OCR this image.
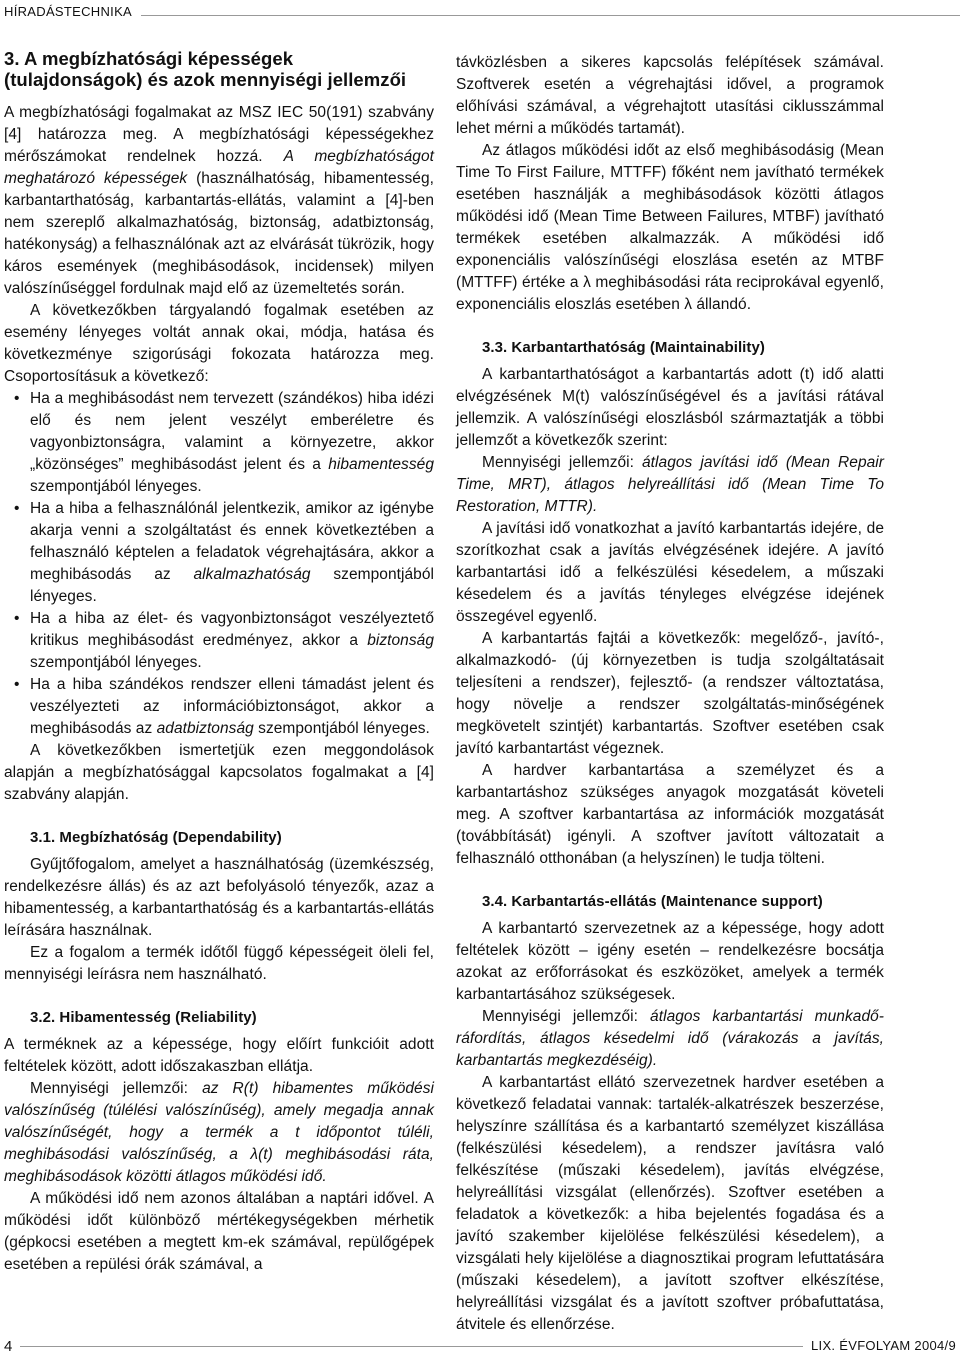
HÍRADÁSTECHNIKA
3. A megbízhatósági képességek (tulajdonságok) és azok mennyiségi jellemzői

A megbízhatósági fogalmakat az MSZ IEC 50(191) szabvány [4] határozza meg. A megbízhatósági képességekhez mérőszámokat rendelnek hozzá. A megbízhatóságot meghatározó képességek (használhatóság, hibamentesség, karbantarthatóság, karbantartás-ellátás, valamint a [4]-ben nem szereplő alkalmazhatóság, biztonság, adatbiztonság, hatékonyság) a felhasználónak azt az elvárását tükrözik, hogy káros események (meghibásodások, incidensek) milyen valószínűséggel fordulnak majd elő az üzemeltetés során.

A következőkben tárgyalandó fogalmak esetében az esemény lényeges voltát annak okai, módja, hatása és következménye szigorúsági fokozata határozza meg. Csoportosításuk a következő:

• Ha a meghibásodást nem tervezett (szándékos) hiba idézi elő és nem jelent veszélyt emberéletre és vagyonbiztonságra, valamint a környezetre, akkor „közönséges” meghibásodást jelent és a hibamentesség szempontjából lényeges.
• Ha a hiba a felhasználónál jelentkezik, amikor az igénybe akarja venni a szolgáltatást és ennek következtében a felhasználó képtelen a feladatok végrehajtására, akkor a meghibásodás az alkalmazhatóság szempontjából lényeges.
• Ha a hiba az élet- és vagyonbiztonságot veszélyeztető kritikus meghibásodást eredményez, akkor a biztonság szempontjából lényeges.
• Ha a hiba szándékos rendszer elleni támadást jelent és veszélyezteti az információbiztonságot, akkor a meghibásodás az adatbiztonság szempontjából lényeges.

A következőkben ismertetjük ezen meggondolások alapján a megbízhatósággal kapcsolatos fogalmakat a [4] szabvány alapján.

3.1. Megbízhatóság (Dependability)

Gyűjtőfogalom, amelyet a használhatóság (üzemkészség, rendelkezésre állás) és az azt befolyásoló tényezők, azaz a hibamentesség, a karbantarthatóság és a karbantartás-ellátás leírására használnak.

Ez a fogalom a termék időtől függő képességeit öleli fel, mennyiségi leírásra nem használható.

3.2. Hibamentesség (Reliability)

A terméknek az a képessége, hogy előírt funkcióit adott feltételek között, adott időszakaszban ellátja.

Mennyiségi jellemzői: az R(t) hibamentes működési valószínűség (túlélési valószínűség), amely megadja annak valószínűségét, hogy a termék a t időpontot túléli, meghibásodási valószínűség, a λ(t) meghibásodási ráta, meghibásodások közötti átlagos működési idő.

A működési idő nem azonos általában a naptári idővel. A működési időt különböző mértékegységekben mérhetik (gépkocsi esetében a megtett km-ek számával, repülőgépek esetében a repülési órák számával, a

távközlésben a sikeres kapcsolás felépítések számával. Szoftverek esetén a végrehajtási idővel, a programok előhívási számával, a végrehajtott utasítási ciklusszámmal lehet mérni a működés tartamát).

Az átlagos működési időt az első meghibásodásig (Mean Time To First Failure, MTTFF) főként nem javítható termékek esetében használják a meghibásodások közötti átlagos működési idő (Mean Time Between Failures, MTBF) javítható termékek esetében alkalmazzák. A működési idő exponenciális valószínűségi eloszlása esetén az MTBF (MTTFF) értéke a λ meghibásodási ráta reciprokával egyenlő, exponenciális eloszlás esetében λ állandó.

3.3. Karbantarthatóság (Maintainability)

A karbantarthatóságot a karbantartás adott (t) idő alatti elvégzésének M(t) valószínűségével és a javítási rátával jellemzik. A valószínűségi eloszlásból származtatják a többi jellemzőt a következők szerint:

Mennyiségi jellemzői: átlagos javítási idő (Mean Repair Time, MRT), átlagos helyreállítási idő (Mean Time To Restoration, MTTR).

A javítási idő vonatkozhat a javító karbantartás idejére, de szorítkozhat csak a javítás elvégzésének idejére. A javító karbantartási idő a felkészülési késedelem, a műszaki késedelem és a javítás tényleges elvégzése idejének összegével egyenlő.

A karbantartás fajtái a következők: megelőző-, javító-, alkalmazkodó- (új környezetben is tudja szolgáltatásait teljesíteni a rendszer), fejlesztő- (a rendszer változtatása, hogy növelje a rendszer szolgáltatás-minőségének megkövetelt szintjét) karbantartás. Szoftver esetében csak javító karbantartást végeznek.

A hardver karbantartása a személyzet és a karbantartáshoz szükséges anyagok mozgatását követeli meg. A szoftver karbantartása az információk mozgatását (továbbítását) igényli. A szoftver javított változatait a felhasználó otthonában (a helyszínen) le tudja tölteni.

3.4. Karbantartás-ellátás (Maintenance support)

A karbantartó szervezetnek az a képessége, hogy adott feltételek között – igény esetén – rendelkezésre bocsátja azokat az erőforrásokat és eszközöket, amelyek a termék karbantartásához szükségesek.

Mennyiségi jellemzői: átlagos karbantartási munkadő-ráfordítás, átlagos késedelmi idő (várakozás a javítás, karbantartás megkezdéséig).

A karbantartást ellátó szervezetnek hardver esetében a következő feladatai vannak: tartalék-alkatrészek beszerzése, helyszínre szállítása és a karbantartó személyzet kiszállása (felkészülési késedelem), a rendszer javításra való felkészítése (műszaki késedelem), javítás elvégzése, helyreállítási vizsgálat (ellenőrzés). Szoftver esetében a feladatok a következők: a hiba bejelentés fogadása és a javító szakember kijelölése felkészülési késedelem), a vizsgálati hely kijelölése a diagnosztikai program lefuttatására (műszaki késedelem), a javított szoftver elkészítése, helyreállítási vizsgálat és a javított szoftver próbafuttatása, átvitele és ellenőrzése.

4	LIX. ÉVFOLYAM 2004/9
